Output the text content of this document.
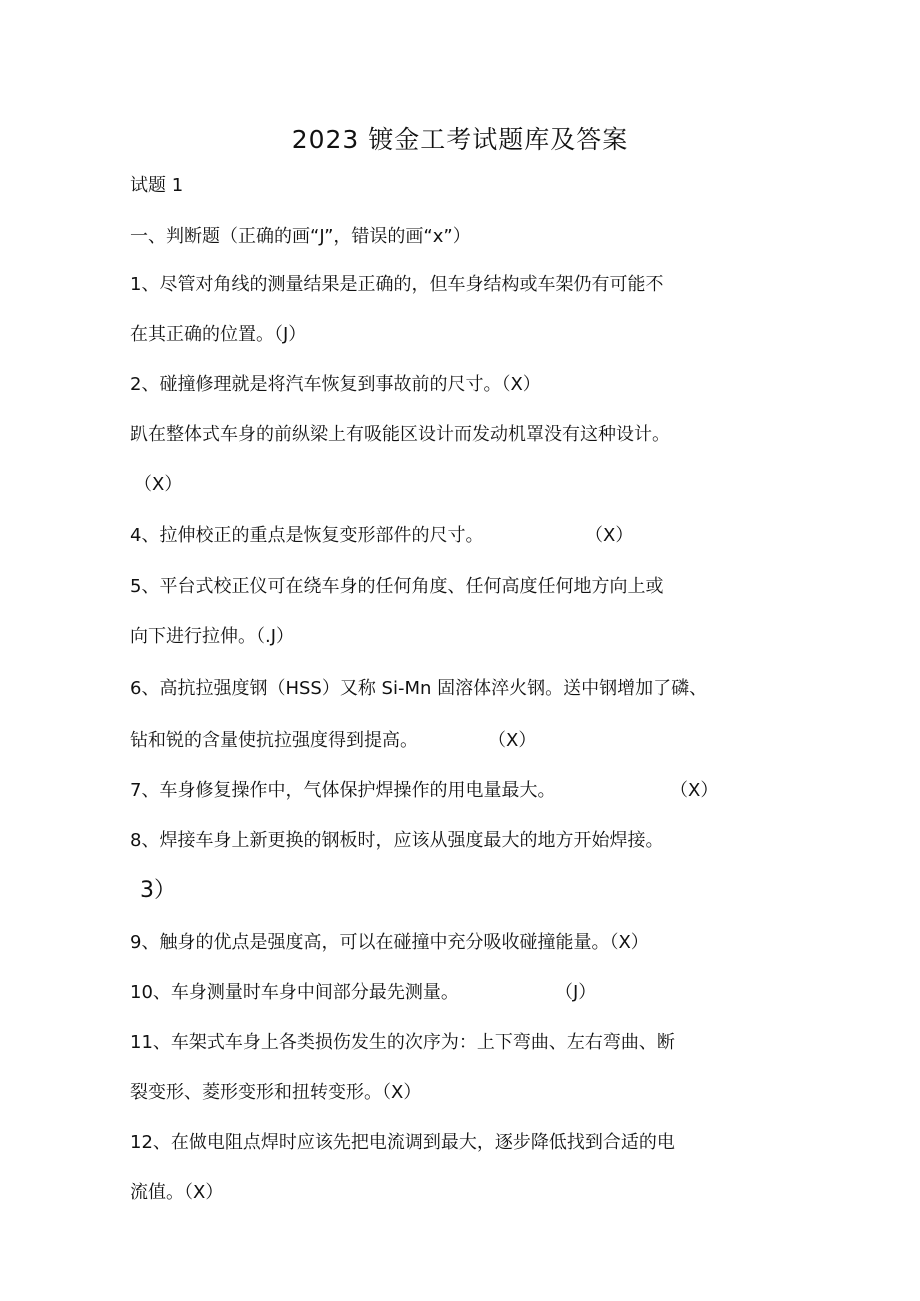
2023 镀金工考试题库及答案
试题 1
一、判断题（正确的画“J”，错误的画“x”）
1、尽管对角线的测量结果是正确的，但车身结构或车架仍有可能不
在其正确的位置。（J）
2、碰撞修理就是将汽车恢复到事故前的尺寸。（X）
趴在整体式车身的前纵梁上有吸能区设计而发动机罩没有这种设计。
（X）
4、拉伸校正的重点是恢复变形部件的尺寸。	（X）
5、平台式校正仪可在绕车身的任何角度、任何高度任何地方向上或
向下进行拉伸。（.J）
6、高抗拉强度钢（HSS）又称 Si-Mn 固溶体淬火钢。送中钢增加了磷、
钻和锐的含量使抗拉强度得到提高。	（X）
7、车身修复操作中，气体保护焊操作的用电量最大。	（X）
8、焊接车身上新更换的钢板时，应该从强度最大的地方开始焊接。
3）
9、触身的优点是强度高，可以在碰撞中充分吸收碰撞能量。（X）
10、车身测量时车身中间部分最先测量。	（J）
11、车架式车身上各类损伤发生的次序为：上下弯曲、左右弯曲、断
裂变形、菱形变形和扭转变形。（X）
12、在做电阻点焊时应该先把电流调到最大，逐步降低找到合适的电
流值。（X）
